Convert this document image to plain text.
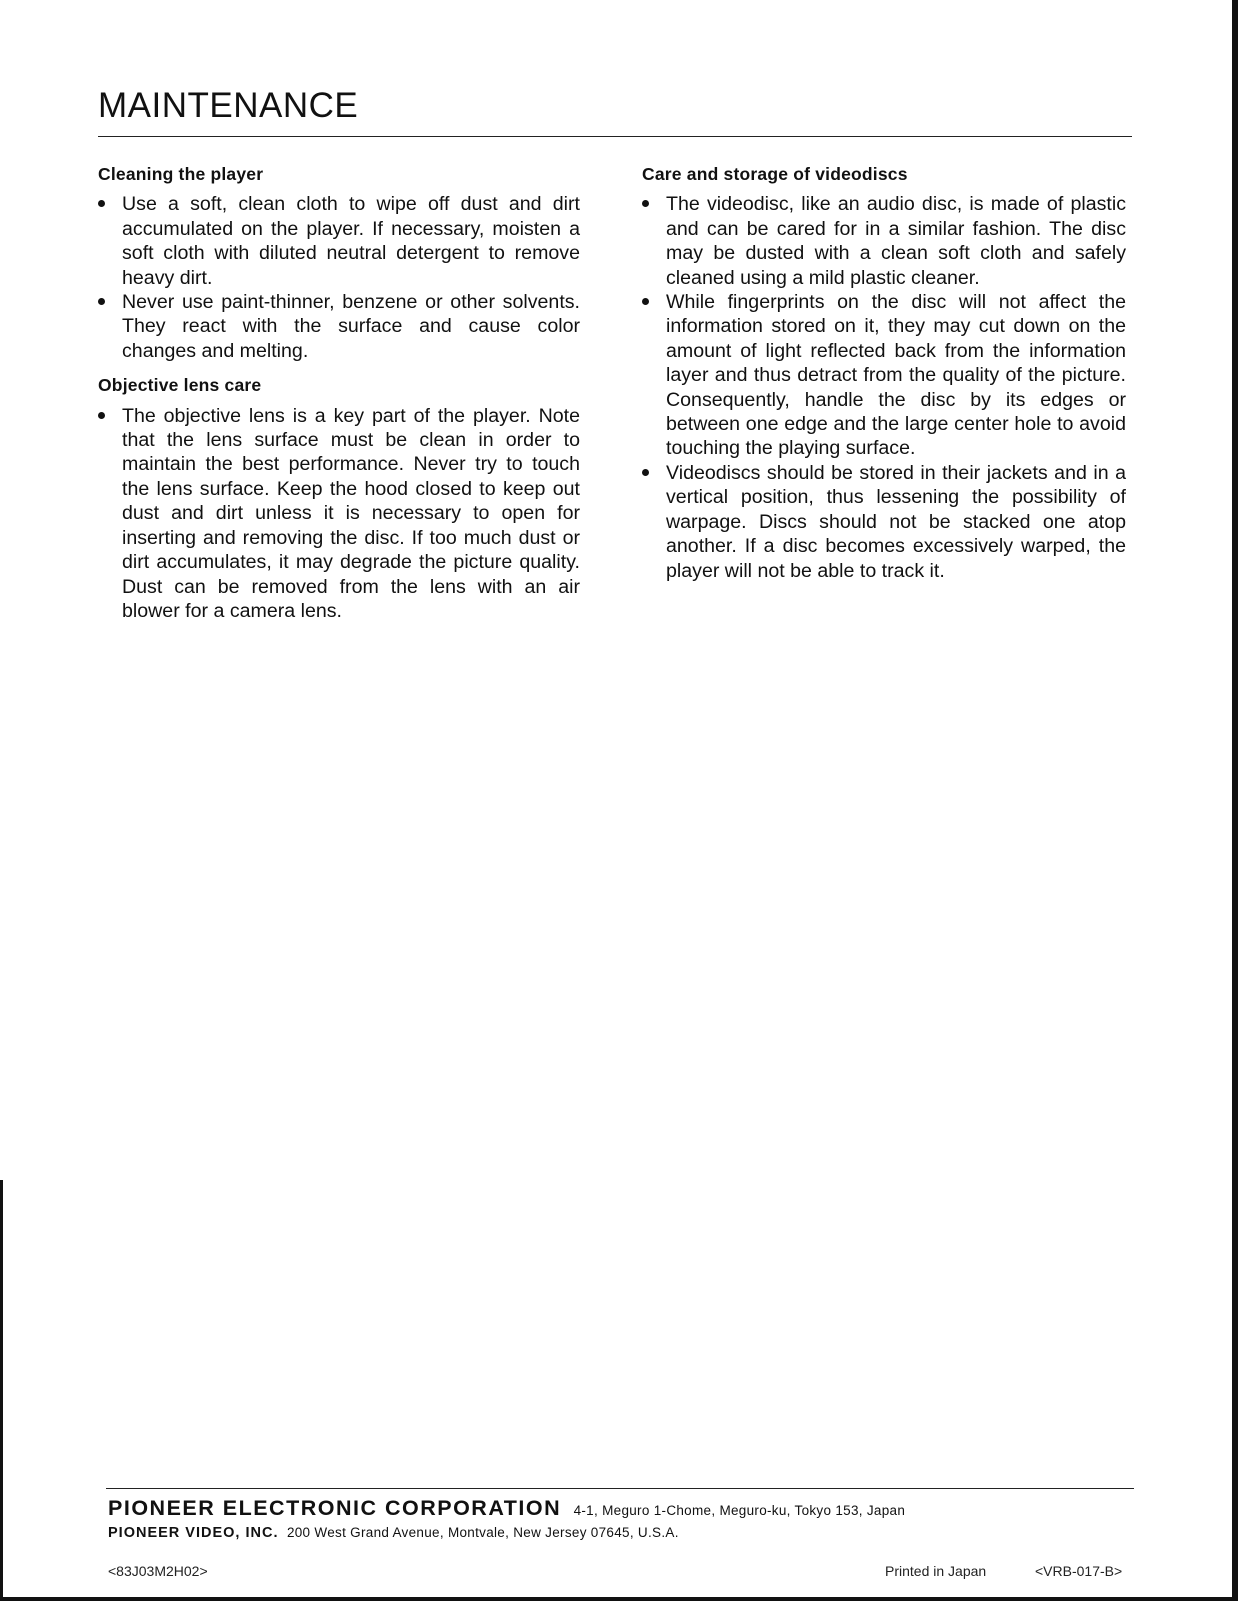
MAINTENANCE
Cleaning the player
Use a soft, clean cloth to wipe off dust and dirt accumulated on the player. If necessary, moisten a soft cloth with diluted neutral detergent to remove heavy dirt.
Never use paint-thinner, benzene or other solvents. They react with the surface and cause color changes and melting.
Objective lens care
The objective lens is a key part of the player. Note that the lens surface must be clean in order to maintain the best performance. Never try to touch the lens surface. Keep the hood closed to keep out dust and dirt unless it is necessary to open for inserting and removing the disc. If too much dust or dirt accumulates, it may degrade the picture quality. Dust can be removed from the lens with an air blower for a camera lens.
Care and storage of videodiscs
The videodisc, like an audio disc, is made of plastic and can be cared for in a similar fashion. The disc may be dusted with a clean soft cloth and safely cleaned using a mild plastic cleaner.
While fingerprints on the disc will not affect the information stored on it, they may cut down on the amount of light reflected back from the information layer and thus detract from the quality of the picture. Consequently, handle the disc by its edges or between one edge and the large center hole to avoid touching the playing surface.
Videodiscs should be stored in their jackets and in a vertical position, thus lessening the possibility of warpage. Discs should not be stacked one atop another. If a disc becomes excessively warped, the player will not be able to track it.
PIONEER ELECTRONIC CORPORATION 4-1, Meguro 1-Chome, Meguro-ku, Tokyo 153, Japan
PIONEER VIDEO, INC. 200 West Grand Avenue, Montvale, New Jersey 07645, U.S.A.
<83J03M2H02>	Printed in Japan	<VRB-017-B>
